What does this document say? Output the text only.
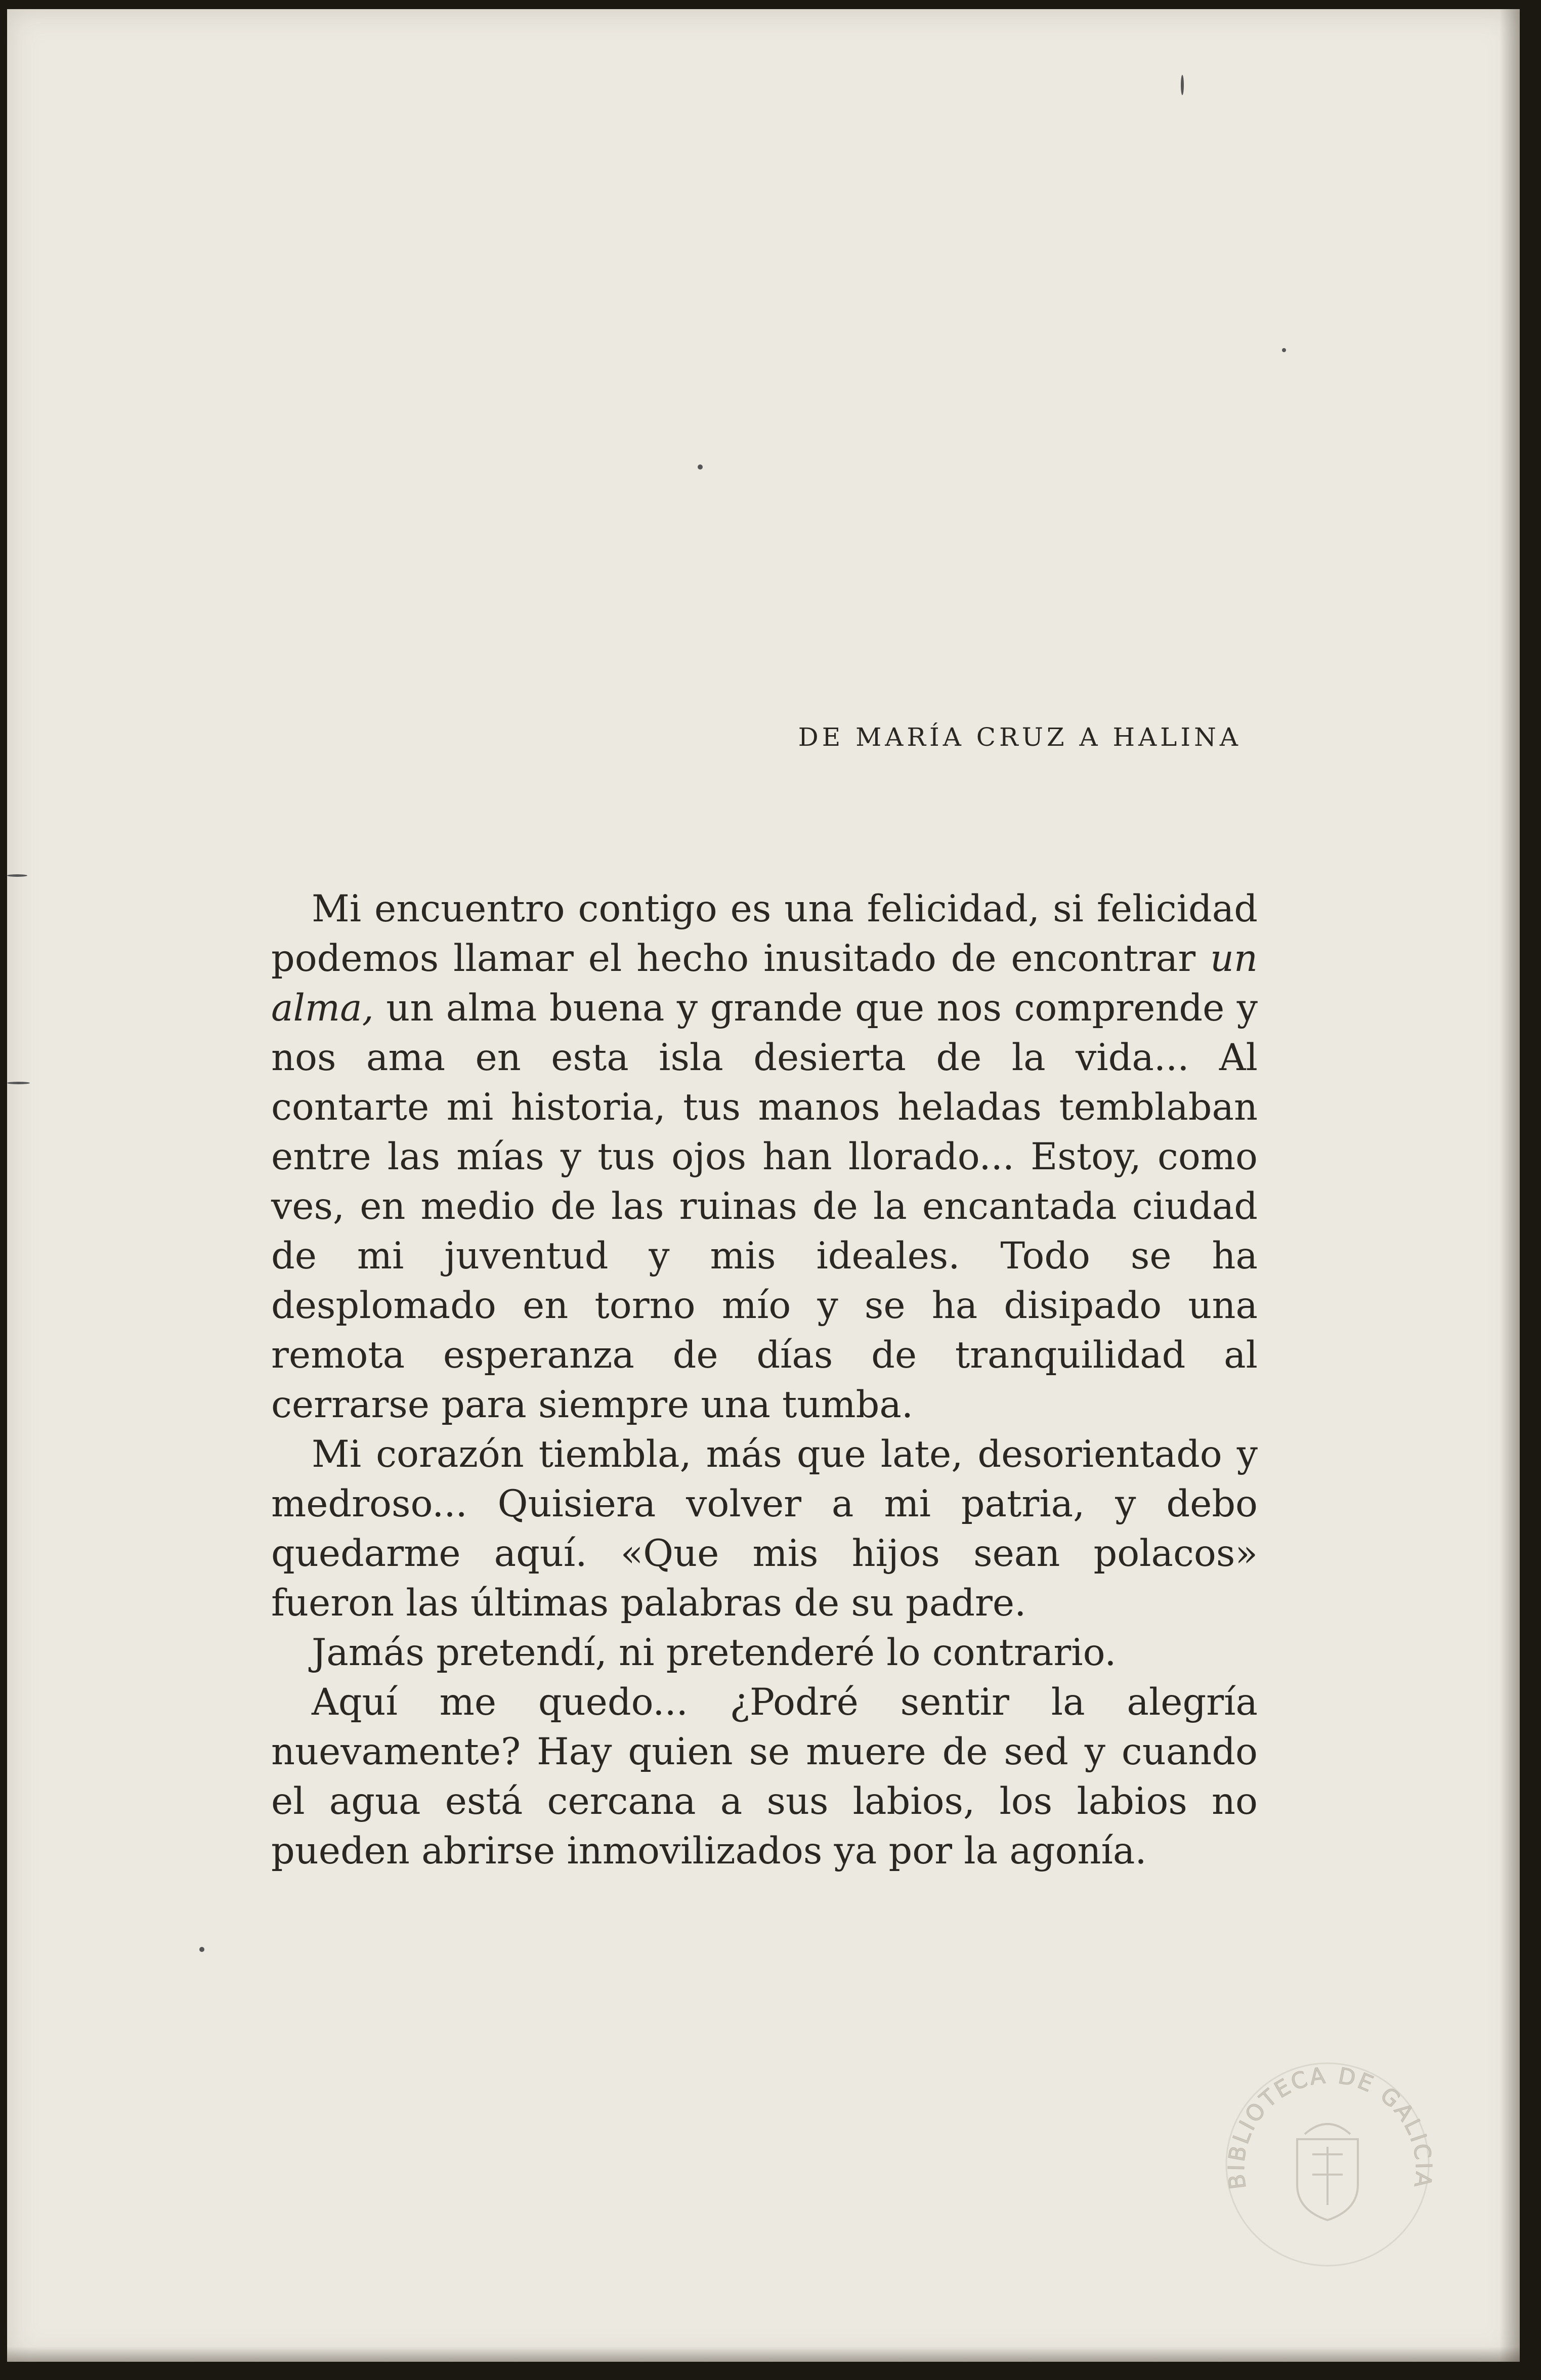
DE MARÍA CRUZ A HALINA

Mi encuentro contigo es una felicidad, si felicidad podemos llamar el hecho inusitado de encontrar un alma, un alma buena y grande que nos comprende y nos ama en esta isla desierta de la vida... Al contarte mi historia, tus manos heladas temblaban entre las mías y tus ojos han llorado... Estoy, como ves, en medio de las ruinas de la encantada ciudad de mi juventud y mis ideales. Todo se ha desplomado en torno mío y se ha disipado una remota esperanza de días de tranquilidad al cerrarse para siempre una tumba.

Mi corazón tiembla, más que late, desorientado y medroso... Quisiera volver a mi patria, y debo quedarme aquí. «Que mis hijos sean polacos» fueron las últimas palabras de su padre.

Jamás pretendí, ni pretenderé lo contrario.

Aquí me quedo... ¿Podré sentir la alegría nuevamente? Hay quien se muere de sed y cuando el agua está cercana a sus labios, los labios no pueden abrirse inmovilizados ya por la agonía.

BIBLIOTECA DE GALICIA
